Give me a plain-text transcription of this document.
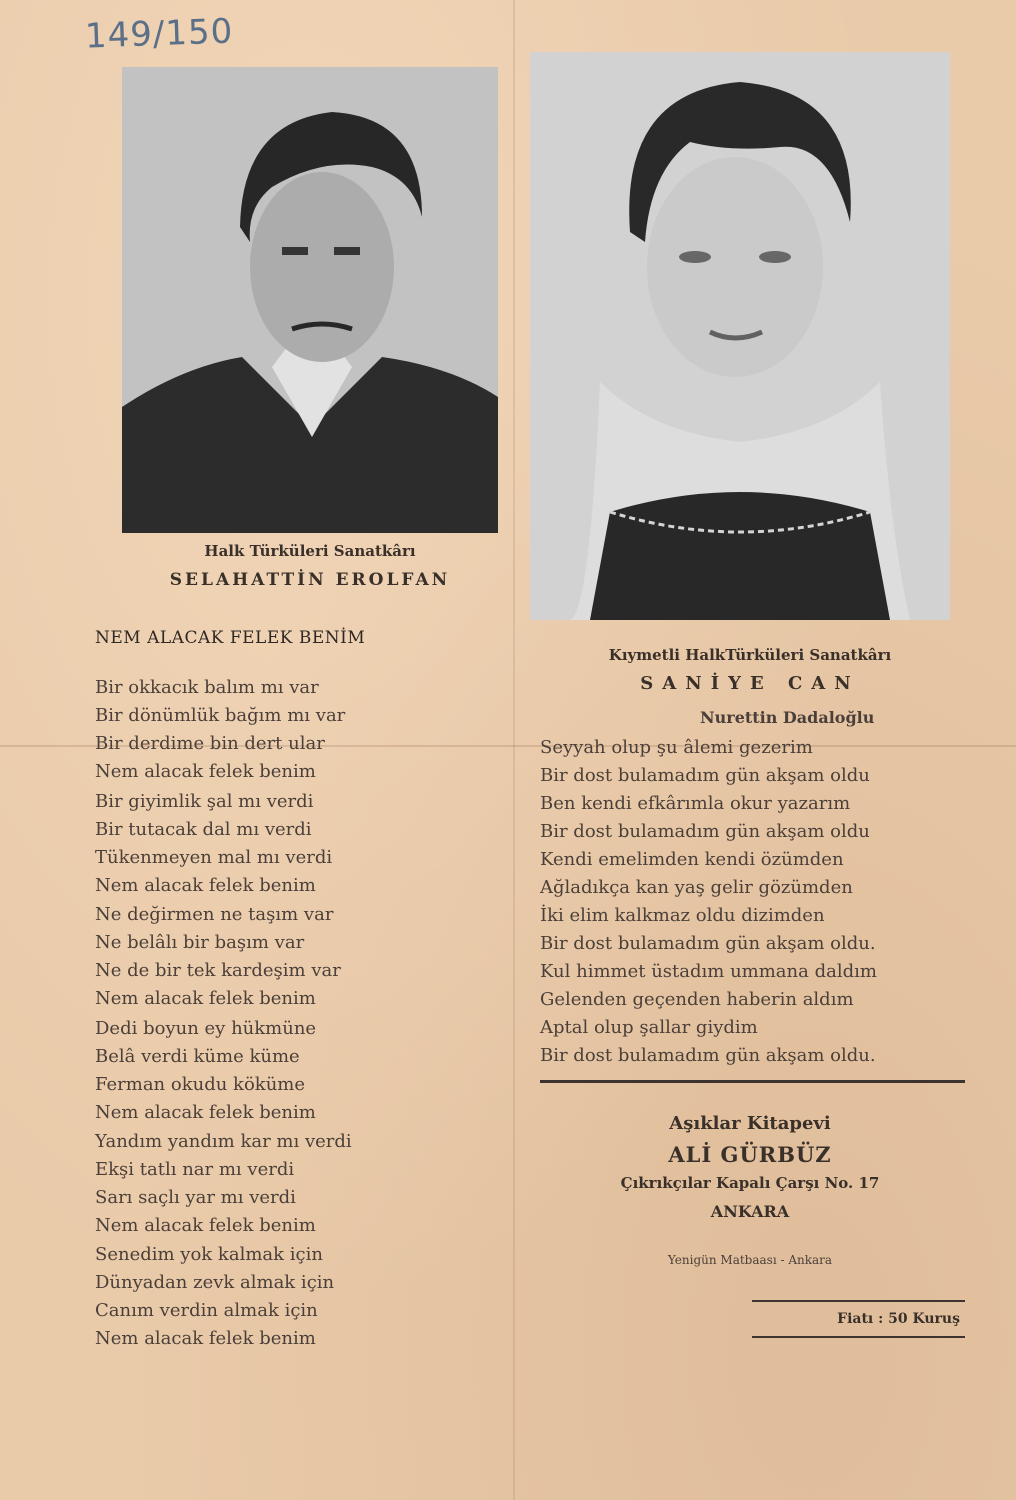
149/150
Halk Türküleri Sanatkârı
SELAHATTİN EROLFAN
NEM ALACAK FELEK BENİM
Bir okkacık balım mı var
Bir dönümlük bağım mı var
Bir derdime bin dert ular
Nem alacak felek benim
Bir giyimlik şal mı verdi
Bir tutacak dal mı verdi
Tükenmeyen mal mı verdi
Nem alacak felek benim
Ne değirmen ne taşım var
Ne belâlı bir başım var
Ne de bir tek kardeşim var
Nem alacak felek benim
Dedi boyun ey hükmüne
Belâ verdi küme küme
Ferman okudu köküme
Nem alacak felek benim
Yandım yandım kar mı verdi
Ekşi tatlı nar mı verdi
Sarı saçlı yar mı verdi
Nem alacak felek benim
Senedim yok kalmak için
Dünyadan zevk almak için
Canım verdin almak için
Nem alacak felek benim
Kıymetli HalkTürküleri Sanatkârı
SANİYE CAN
Nurettin Dadaloğlu
Seyyah olup şu âlemi gezerim
Bir dost bulamadım gün akşam oldu
Ben kendi efkârımla okur yazarım
Bir dost bulamadım gün akşam oldu
Kendi emelimden kendi özümden
Ağladıkça kan yaş gelir gözümden
İki elim kalkmaz oldu dizimden
Bir dost bulamadım gün akşam oldu.
Kul himmet üstadım ummana daldım
Gelenden geçenden haberin aldım
Aptal olup şallar giydim
Bir dost bulamadım gün akşam oldu.
Aşıklar Kitapevi
ALİ GÜRBÜZ
Çıkrıkçılar Kapalı Çarşı No. 17
ANKARA
Yenigün Matbaası - Ankara
Fiatı : 50 Kuruş
